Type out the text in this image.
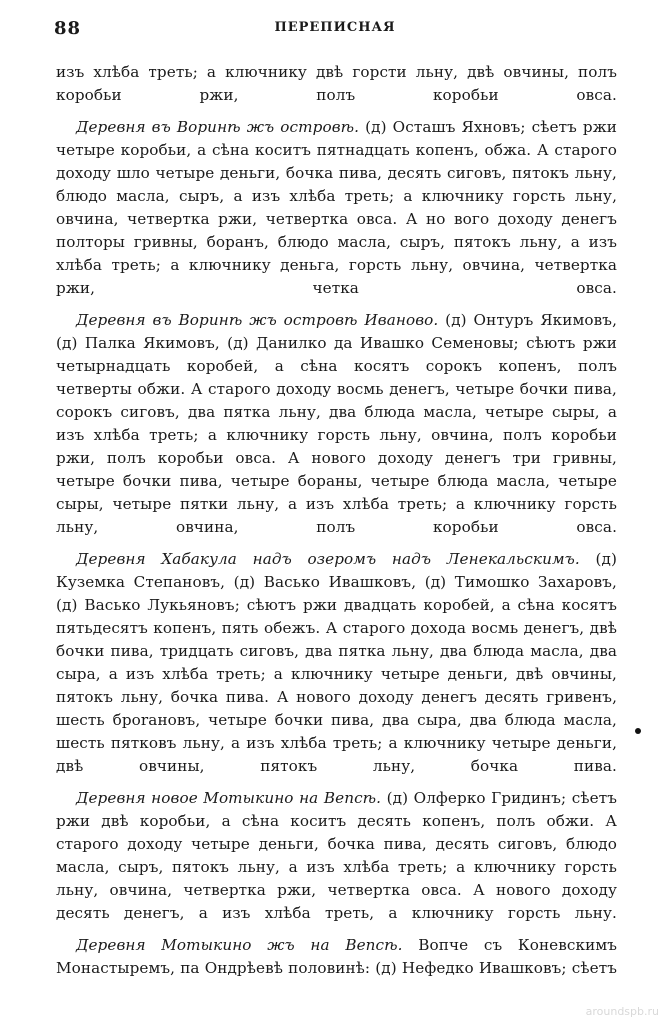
88	ПЕРЕПИСНАЯ

изъ хлѣба треть; а ключнику двѣ горсти льну, двѣ овчины, полъ коробьи ржи, полъ коробьи овса.

Деревня въ Воринѣ жъ островѣ. (д) Осташъ Яхновъ; сѣетъ ржи четыре коробьи, а сѣна коситъ пятнадцать копенъ, обжа. А старого доходу шло четыре деньги, бочка пива, десять сиговъ, пятокъ льну, блюдо масла, сыръ, а изъ хлѣба треть; а ключнику горсть льну, овчина, четвертка ржи, четвертка овса. А но вого доходу денегъ полторы гривны, боранъ, блюдо масла, сыръ, пятокъ льну, а изъ хлѣба треть; а ключнику деньга, горсть льну, овчина, четвертка ржи, четка овса.

Деревня въ Воринѣ жъ островѣ Иваново. (д) Онтуръ Якимовъ, (д) Палка Якимовъ, (д) Данилко да Ивашко Семеновы; сѣютъ ржи четырнадцать коробей, а сѣна косятъ сорокъ копенъ, полъ четверты обжи. А старого доходу восмь денегъ, четыре бочки пива, сорокъ сиговъ, два пятка льну, два блюда масла, четыре сыры, а изъ хлѣба треть; а ключнику горсть льну, овчина, полъ коробьи ржи, полъ коробьи овса. А нового доходу денегъ три гривны, четыре бочки пива, четыре бораны, четыре блюда масла, четыре сыры, четыре пятки льну, а изъ хлѣба треть; а ключнику горсть льну, овчина, полъ коробьи овса.

Деревня Хабакула надъ озеромъ надъ Ленекальскимъ. (д) Куземка Степановъ, (д) Васько Ивашковъ, (д) Тимошко Захаровъ, (д) Васько Лукьяновъ; сѣютъ ржи двадцать коробей, а сѣна косятъ пятьдесятъ копенъ, пять обежъ. А старого дохода восмь денегъ, двѣ бочки пива, тридцать сиговъ, два пятка льну, два блюда масла, два сыра, а изъ хлѣба треть; а ключнику четыре деньги, двѣ овчины, пятокъ льну, бочка пива. А нового доходу денегъ десять гривенъ, шесть бporановъ, четыре бочки пива, два сыра, два блюда масла, шесть пятковъ льну, а изъ хлѣба треть; а ключнику четыре деньги, двѣ овчины, пятокъ льну, бочка пива.

Деревня новое Мотыкино на Вепсѣ. (д) Олферко Гридинъ; сѣетъ ржи двѣ коробьи, а сѣна коситъ десять копенъ, полъ обжи. А старого доходу четыре деньги, бочка пива, десять сиговъ, блюдо масла, сыръ, пятокъ льну, а изъ хлѣба треть; а ключнику горсть льну, овчина, четвертка ржи, четвертка овса. А нового доходу десять денегъ, а изъ хлѣба треть, а ключнику горсть льну.

Деревня Мотыкино жъ на Вепсѣ. Вопче съ Коневскимъ Монастыремъ, па Ондрѣевѣ половинѣ: (д) Нефедко Ивашковъ; сѣетъ

aroundspb.ru
